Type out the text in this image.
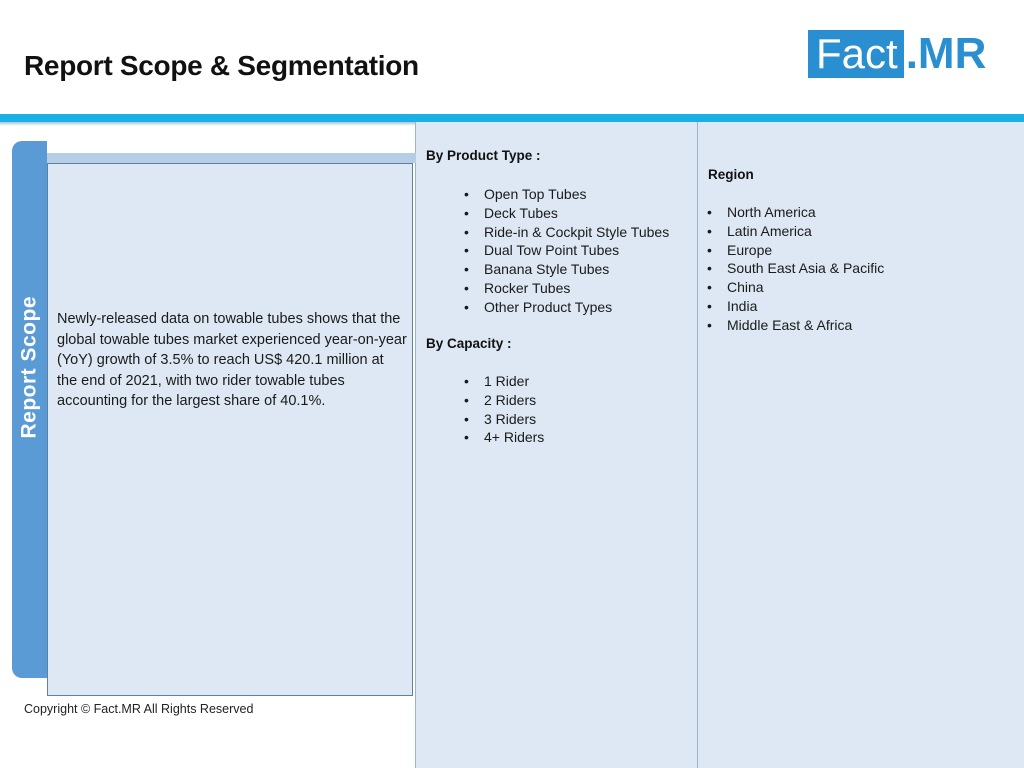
Report Scope & Segmentation	Fact .MR
Newly-released data on towable tubes shows that the global towable tubes market experienced year-on-year (YoY) growth of 3.5% to reach US$ 420.1 million at the end of 2021, with two rider towable tubes accounting for the largest share of 40.1%.
By Product Type :
• Open Top Tubes
• Deck Tubes
• Ride-in & Cockpit Style Tubes
• Dual Tow Point Tubes
• Banana Style Tubes
• Rocker Tubes
• Other Product Types
By Capacity :
• 1 Rider
• 2 Riders
• 3 Riders
• 4+ Riders
Region
• North America
• Latin America
• Europe
• South East Asia & Pacific
• China
• India
• Middle East & Africa
Copyright © Fact.MR All Rights Reserved
